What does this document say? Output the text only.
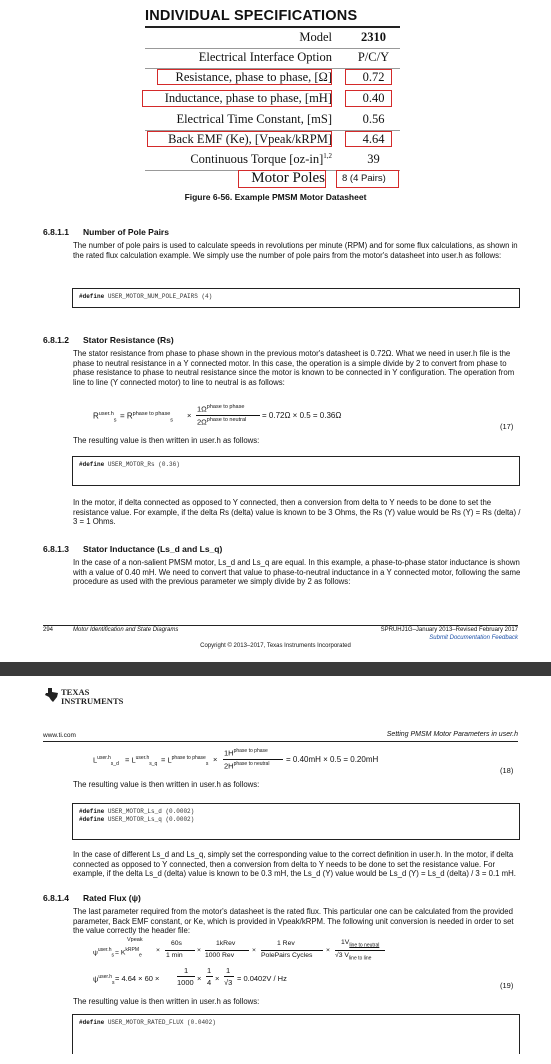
INDIVIDUAL SPECIFICATIONS
Model	2310
Electrical Interface Option	P/C/Y
Resistance, phase to phase, [Ω]	0.72
Inductance, phase to phase, [mH]	0.40
Electrical Time Constant, [mS]	0.56
Back EMF (Ke), [Vpeak/kRPM]	4.64
Continuous Torque $[oz-in]^{1,2}$	39
Motor Poles 8 (4 Pairs)
Figure 6-56. Example PMSM Motor Datasheet
6.8.1.1 Number of Pole Pairs
The number of pole pairs is used to calculate speeds in revolutions per minute (RPM) and for some flux calculations, as shown in the rated flux calculation example. We simply use the number of pole pairs from the motor's datasheet into user.h as follows:
#define USER_MOTOR_NUM_POLE_PAIRS (4)
6.8.1.2 Stator Resistance (Rs)
The stator resistance from phase to phase shown in the previous motor's datasheet is 0.72Ω. What we need in user.h file is the phase to neutral resistance in a Y connected motor. In this case, the operation is a simple divide by 2 to convert from phase to phase resistance to phase to neutral resistance since the motor is known to be connected in Y configuration. The operation from line to line (Y connected motor) to line to neutral is as follows:
$R^{user.h}_s = R^{phase to phase}_s$
×
$1\Omega^{phase to phase}$
$2\Omega^{phase to neutral} = 0.72\Omega \times 0.5 = 0.36\Omega$
(17)
The resulting value is then written in user.h as follows:
#define USER_MOTOR_Rs (0.36)
In the motor, if delta connected as opposed to Y connected, then a conversion from delta to Y needs to be done to set the resistance value. For example, if the delta Rs (delta) value is known to be 3 Ohms, the Rs (Y) value would be Rs (Y) = Rs (delta) / 3 = 1 Ohms.
6.8.1.3 Stator Inductance (Ls_d and Ls_q)
In the case of a non-salient PMSM motor, Ls_d and Ls_q are equal. In this example, a phase-to-phase stator inductance is shown with a value of 0.40 mH. We need to convert that value to phase-to-neutral inductance in a Y connected motor, following the same procedure as used with the previous parameter we simply divide by 2 as follows:
294	Motor Identification and State Diagrams	SPRUHJ1G–January 2013–Revised February 2017
Submit Documentation Feedback
Copyright © 2013–2017, Texas Instruments Incorporated
TEXAS
INSTRUMENTS
www.ti.com	Setting PMSM Motor Parameters in user.h
$L^{user.h}_{s\_d} = L^{user.h}_{s\_q} = L^{phase to phase}_s$ ×
$1H^{phase to phase}$
$2H^{phase to neutral} = 0.40mH \times 0.5 = 0.20mH$
(18)
The resulting value is then written in user.h as follows:
#define USER_MOTOR_Ls_d (0.0002)
#define USER_MOTOR_Ls_q (0.0002)
In the case of different Ls_d and Ls_q, simply set the corresponding value to the correct definition in user.h. In the motor, if delta connected as opposed to Y connected, then a conversion from delta to Y needs to be done to set the resistance value. For example, if the delta Ls_d (delta) value is known to be 0.3 mH, the Ls_d (Y) value would be Ls_d (Y) = Ls_d (delta) / 3 = 0.1 mH.
6.8.1.4 Rated Flux (ψ)
The last parameter required from the motor's datasheet is the rated flux. This particular one can be calculated from the provided parameter, Back EMF constant, or Ke, which is provided in Vpeak/kRPM. The following unit conversion is needed in order to set the value correctly the header file:
$\psi^{user.h}_s$
Vpeak
= $K^{kRPM}_e$
×
60s
1 min
×
1kRev
1000 Rev
×
1 Rev
PolePairs Cycles
×
$1V_{line to neutral}$
√3 $V_{line to line}$
$\psi^{user.h}_s = 4.64 \times 60$ ×
1
1000 ×
1
4 ×
1
√3 = 0.0402V / Hz
(19)
The resulting value is then written in user.h as follows:
#define USER_MOTOR_RATED_FLUX (0.0402)
